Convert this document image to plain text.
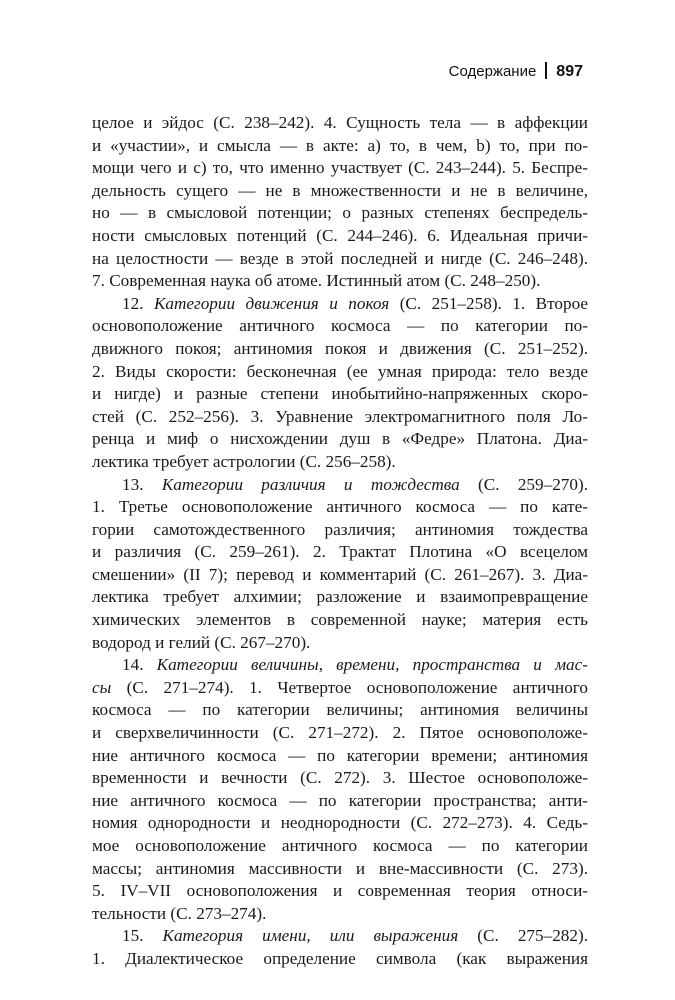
Содержание 897
целое и эйдос (С. 238–242). 4. Сущность тела — в аффекции
и «участии», и смысла — в акте: a) то, в чем, b) то, при по-
мощи чего и c) то, что именно участвует (С. 243–244). 5. Беспре-
дельность сущего — не в множественности и не в величине,
но — в смысловой потенции; о разных степенях беспредель-
ности смысловых потенций (С. 244–246). 6. Идеальная причи-
на целостности — везде в этой последней и нигде (С. 246–248).
7. Современная наука об атоме. Истинный атом (С. 248–250).
12. Категории движения и покоя (С. 251–258). 1. Второе
основоположение античного космоса — по категории по-
движного покоя; антиномия покоя и движения (С. 251–252).
2. Виды скорости: бесконечная (ее умная природа: тело везде
и нигде) и разные степени инобытийно-напряженных скоро-
стей (С. 252–256). 3. Уравнение электромагнитного поля Ло-
ренца и миф о нисхождении душ в «Федре» Платона. Диа-
лектика требует астрологии (С. 256–258).
13. Категории различия и тождества (С. 259–270).
1. Третье основоположение античного космоса — по кате-
гории самотождественного различия; антиномия тождества
и различия (С. 259–261). 2. Трактат Плотина «О всецелом
смешении» (II 7); перевод и комментарий (С. 261–267). 3. Диа-
лектика требует алхимии; разложение и взаимопревращение
химических элементов в современной науке; материя есть
водород и гелий (С. 267–270).
14. Категории величины, времени, пространства и мас-
сы (С. 271–274). 1. Четвертое основоположение античного
космоса — по категории величины; антиномия величины
и сверхвеличинности (С. 271–272). 2. Пятое основоположе-
ние античного космоса — по категории времени; антиномия
временности и вечности (С. 272). 3. Шестое основоположе-
ние античного космоса — по категории пространства; анти-
номия однородности и неоднородности (С. 272–273). 4. Седь-
мое основоположение античного космоса — по категории
массы; антиномия массивности и вне-массивности (С. 273).
5. IV–VII основоположения и современная теория относи-
тельности (С. 273–274).
15. Категория имени, или выражения (С. 275–282).
1. Диалектическое определение символа (как выражения
